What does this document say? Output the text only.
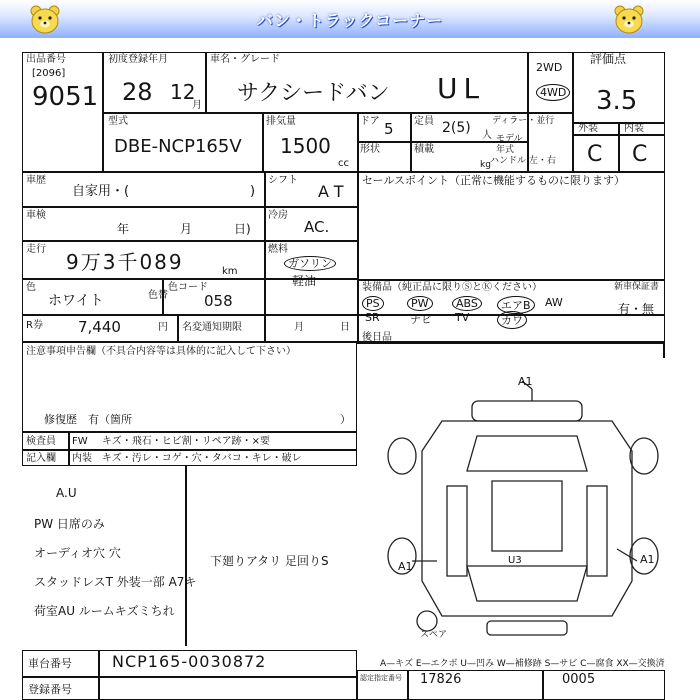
バン・トラックコーナー
出品番号
[2096]
9051
初度登録年月
28 12
月
車名・グレード
サクシードバン UL
2WD
4WD
評価点
3.5
外装	内装
C C
型式
DBE-NCP165V
排気量
1500
cc
ドア 5 定員 2(5) 人
ディラー・並行
モデル年式
ハンドル 左・右
形状	積載
kg
車歴
自家用・(	)
シフト
AT
セールスポイント（正常に機能するものに限ります）
車検
年	月	日)
冷房
AC.
走行
9万3千089	km
燃料
ガソリン
軽油
色
ホワイト	色替
色コード
058
装備品（純正品に限りⓈとⓀください）
PS	PW	ABS	エアB	AW
SR	ナビ TV	カワ
新車保証書
有・無
R券 7,440	円 名変通知期限	月	日
注意事項申告欄（不具合内容等は具体的に記入して下さい）
修復歴　有（箇所	）
後日品
検査員
記入欄
FW キズ・飛石・ヒビ割・リペア跡・×要
内装 キズ・汚レ・コゲ・穴・タバコ・キレ・破レ
A.U
PW 日席のみ
オーディオ穴 穴
スタッドレスT 外装一部 A7キ
荷室AU ルームキズミちれ
下廻りアタリ 足回りS
A1
A1
A1
U3
スペア
A—キズ E—エクボ U—凹み W—補修跡 S—サビ C—腐食 XX—交換済
車台番号	NCP165-0030872
登録番号
認定指定番号	17826	0005
